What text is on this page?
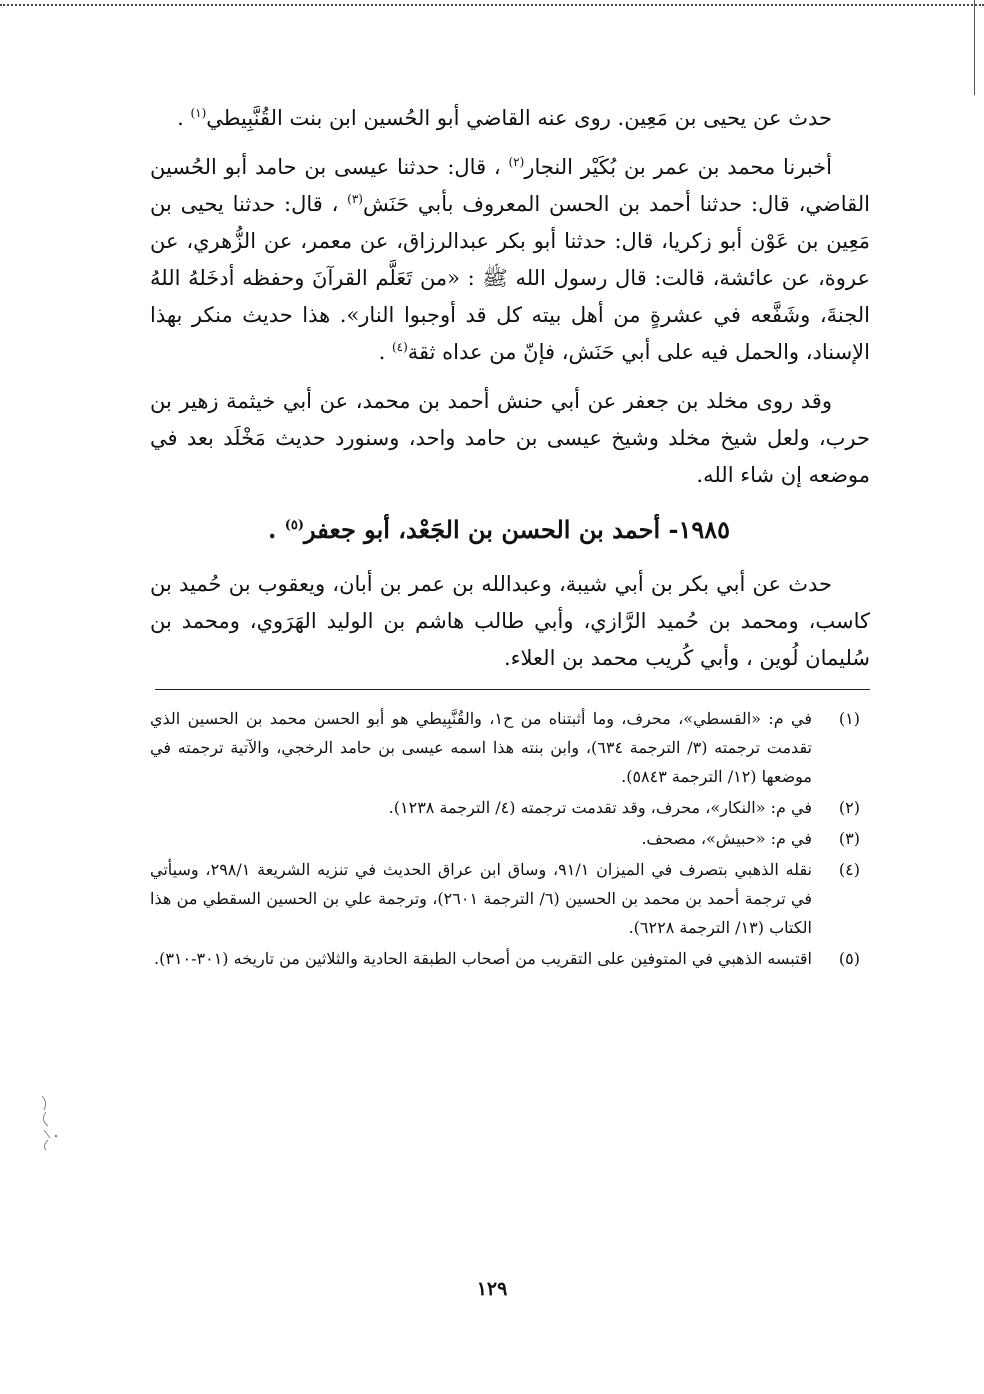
حدث عن يحيى بن مَعِين. روى عنه القاضي أبو الحُسين ابن بنت القُنَّبِيطي$^{(١)}$ .

أخبرنا محمد بن عمر بن بُكَيْر النجار$^{(٢)}$ ، قال: حدثنا عيسى بن حامد أبو الحُسين القاضي، قال: حدثنا أحمد بن الحسن المعروف بأبي حَنَش$^{(٣)}$ ، قال: حدثنا يحيى بن مَعِين بن عَوْن أبو زكريا، قال: حدثنا أبو بكر عبدالرزاق، عن معمر، عن الزُّهري، عن عروة، عن عائشة، قالت: قال رسول الله ﷺ : «من تَعَلَّم القرآنَ وحفظه أدخَلهُ اللهُ الجنةَ، وشَفَّعه في عشرةٍ من أهل بيته كل قد أوجبوا النار». هذا حديث منكر بهذا الإسناد، والحمل فيه على أبي حَنَش، فإنّ من عداه ثقة$^{(٤)}$ .

وقد روى مخلد بن جعفر عن أبي حنش أحمد بن محمد، عن أبي خيثمة زهير بن حرب، ولعل شيخ مخلد وشيخ عيسى بن حامد واحد، وسنورد حديث مَخْلَد بعد في موضعه إن شاء الله.

١٩٨٥- أحمد بن الحسن بن الجَعْد، أبو جعفر$^{(٥)}$ .

حدث عن أبي بكر بن أبي شيبة، وعبدالله بن عمر بن أبان، ويعقوب بن حُميد بن كاسب، ومحمد بن حُميد الرَّازي، وأبي طالب هاشم بن الوليد الهَرَوي، ومحمد بن سُليمان لُوين ، وأبي كُريب محمد بن العلاء.

(١)
في م: «القسطي»، محرف، وما أثبتناه من ح١، والقُنَّبِيطي هو أبو الحسن محمد بن الحسين الذي تقدمت ترجمته (٣/ الترجمة ٦٣٤)، وابن بنته هذا اسمه عيسى بن حامد الرخجي، والآتية ترجمته في موضعها (١٢/ الترجمة ٥٨٤٣).
(٢)
في م: «النكار»، محرف، وقد تقدمت ترجمته (٤/ الترجمة ١٢٣٨).
(٣)
في م: «حبيش»، مصحف.
(٤)
نقله الذهبي بتصرف في الميزان ٩١/١، وساق ابن عراق الحديث في تنزيه الشريعة ٢٩٨/١، وسيأتي في ترجمة أحمد بن محمد بن الحسين (٦/ الترجمة ٢٦٠١)، وترجمة علي بن الحسين السقطي من هذا الكتاب (١٣/ الترجمة ٦٢٢٨).
(٥)
اقتبسه الذهبي في المتوفين على التقريب من أصحاب الطبقة الحادية والثلاثين من تاريخه (٣٠١-٣١٠).
١٢٩
